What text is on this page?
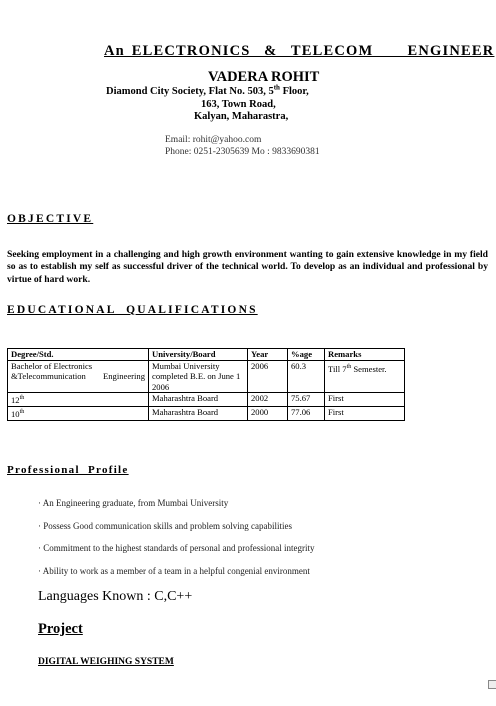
An ELECTRONICS  &  TELECOM     ENGINEER
VADERA ROHIT
Diamond City Society, Flat No. 503, 5th Floor,
163, Town Road,
Kalyan, Maharastra,
Email: rohit@yahoo.com
Phone: 0251-2305639 Mo : 9833690381
OBJECTIVE
Seeking employment in a challenging and high growth environment wanting to gain extensive knowledge in my field so as to establish my self as successful driver of the technical world. To develop as an individual and professional by virtue of hard work.
EDUCATIONAL  QUALIFICATIONS
Degree/Std.	University/Board	Year	%age	Remarks
Bachelor of Electronics &Telecommunication Engineering	Mumbai University completed B.E. on June 1 2006	2006	60.3	Till 7th Semester.
12th	Maharashtra Board	2002	75.67	First
10th	Maharashtra Board	2000	77.06	First
Professional  Profile
· An Engineering graduate, from Mumbai University
· Possess Good communication skills and problem solving capabilities
· Commitment to the highest standards of personal and professional integrity
· Ability to work as a member of a team in a helpful congenial environment
Languages Known : C,C++
Project
DIGITAL WEIGHING SYSTEM
